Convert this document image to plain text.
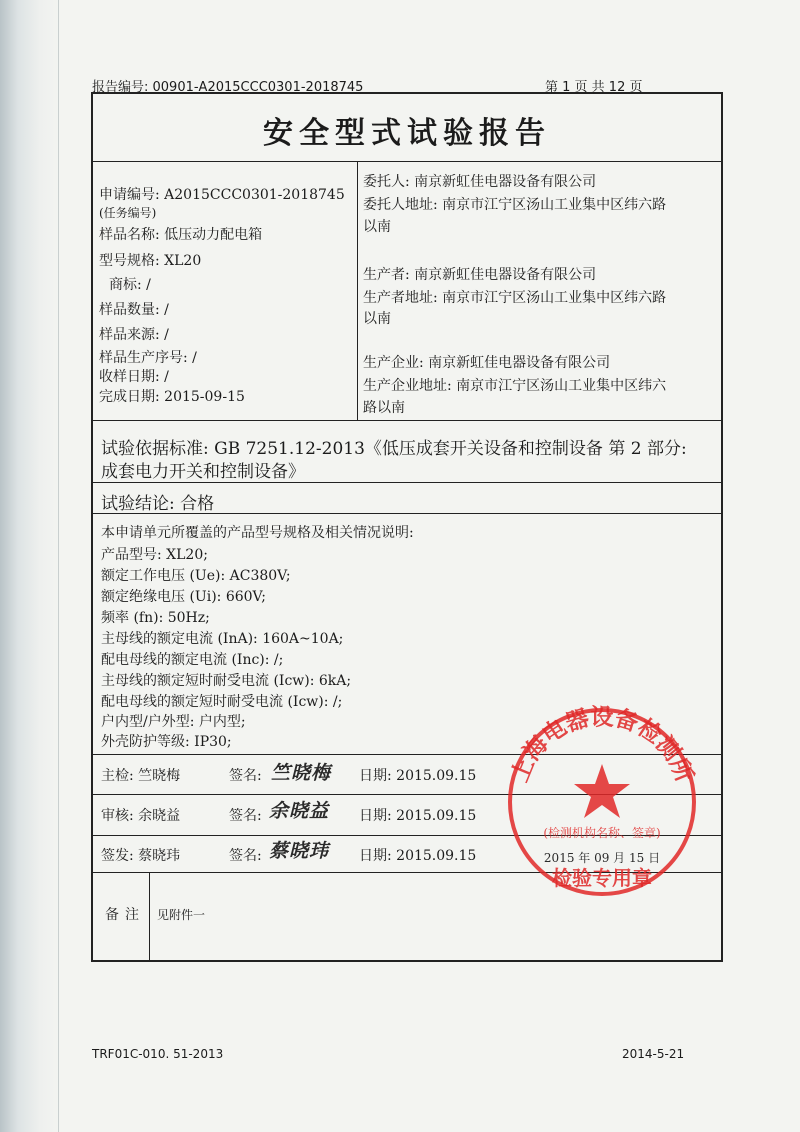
报告编号: 00901-A2015CCC0301-2018745	第 1 页 共 12 页
安全型式试验报告
申请编号: A2015CCC0301-2018745
(任务编号)
样品名称: 低压动力配电箱
型号规格: XL20
商标: /
样品数量: /
样品来源: /
样品生产序号: /
收样日期: /
完成日期: 2015-09-15
委托人: 南京新虹佳电器设备有限公司
委托人地址: 南京市江宁区汤山工业集中区纬六路
以南
生产者: 南京新虹佳电器设备有限公司
生产者地址: 南京市江宁区汤山工业集中区纬六路
以南
生产企业: 南京新虹佳电器设备有限公司
生产企业地址: 南京市江宁区汤山工业集中区纬六
路以南
试验依据标准: GB 7251.12-2013《低压成套开关设备和控制设备 第 2 部分:
成套电力开关和控制设备》
试验结论: 合格
本申请单元所覆盖的产品型号规格及相关情况说明:
产品型号: XL20;
额定工作电压 (Ue): AC380V;
额定绝缘电压 (Ui): 660V;
频率 (fn): 50Hz;
主母线的额定电流 (InA): 160A~10A;
配电母线的额定电流 (Inc): /;
主母线的额定短时耐受电流 (Icw): 6kA;
配电母线的额定短时耐受电流 (Icw): /;
户内型/户外型: 户内型;
外壳防护等级: IP30;
主检: 竺晓梅	签名: 竺晓梅 日期: 2015.09.15
审核: 余晓益	签名: 余晓益 日期: 2015.09.15
签发: 蔡晓玮	签名: 蔡晓玮 日期: 2015.09.15
备注 见附件一
上海电器设备检测所
(检测机构名称、签章)
2015 年 09 月 15 日
检验专用章
TRF01C-010. 51-2013	2014-5-21
